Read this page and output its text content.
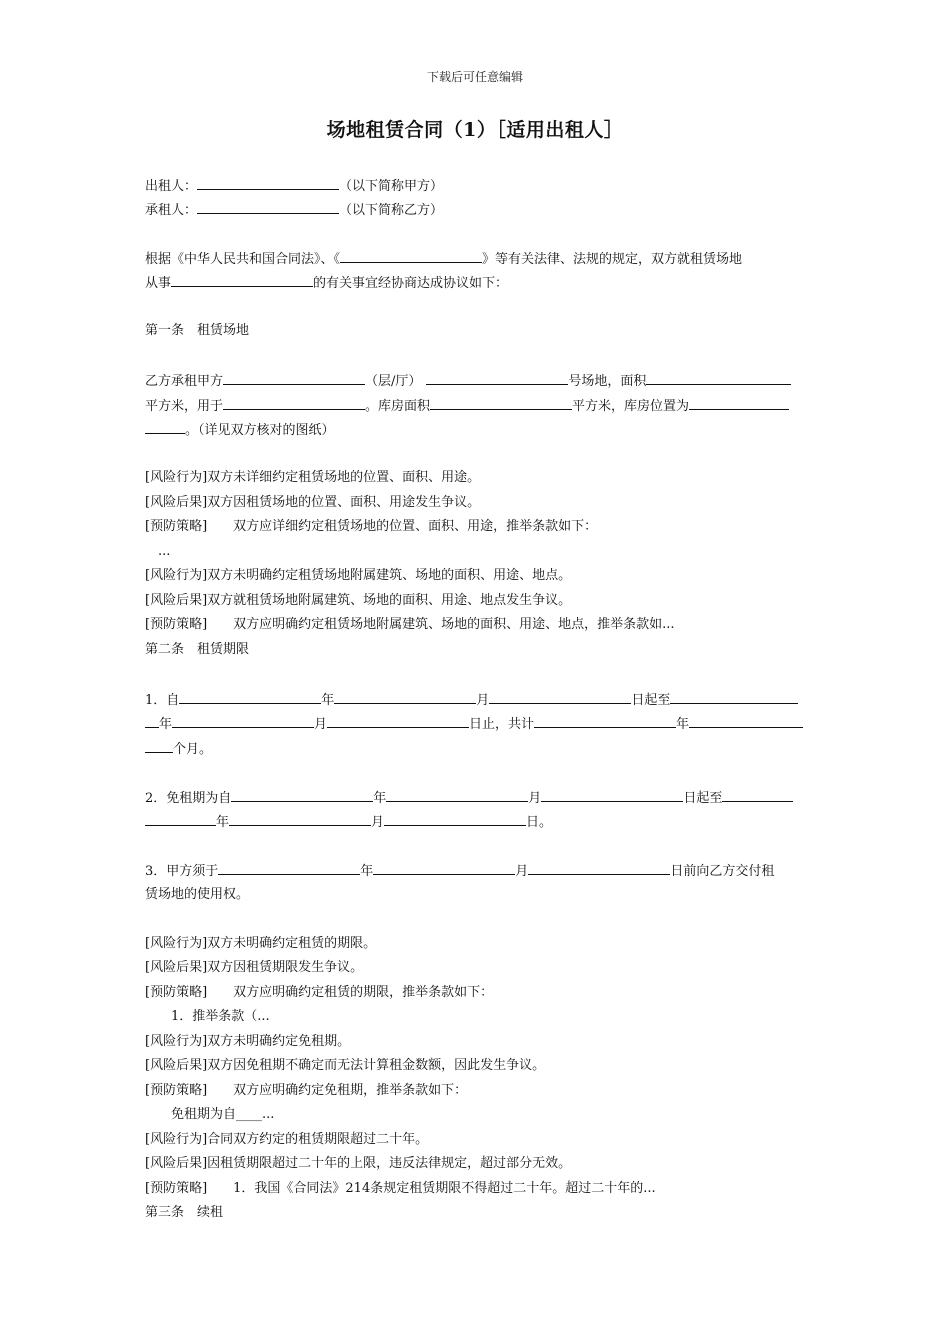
下载后可任意编辑
场地租赁合同（1）［适用出租人］
出租人：	（以下简称甲方）
承租人：	（以下简称乙方）
根据《中华人民共和国合同法》、《	》等有关法律、法规的规定，双方就租赁场地
从事	的有关事宜经协商达成协议如下：
第一条　租赁场地
乙方承租甲方	（层/厅）	号场地，面积
平方米，用于	。库房面积	平方米，库房位置为
。（详见双方核对的图纸）
[风险行为]双方未详细约定租赁场地的位置、面积、用途。
[风险后果]双方因租赁场地的位置、面积、用途发生争议。
[预防策略]　　双方应详细约定租赁场地的位置、面积、用途，推举条款如下：
　...
[风险行为]双方未明确约定租赁场地附属建筑、场地的面积、用途、地点。
[风险后果]双方就租赁场地附属建筑、场地的面积、用途、地点发生争议。
[预防策略]　　双方应明确约定租赁场地附属建筑、场地的面积、用途、地点，推举条款如...
第二条　租赁期限
1．自	年	月	日起至
年	月	日止，共计	年
个月。
2．免租期为自	年	月	日起至
年	月	日。
3．甲方须于	年	月	日前向乙方交付租
赁场地的使用权。
[风险行为]双方未明确约定租赁的期限。
[风险后果]双方因租赁期限发生争议。
[预防策略]　　双方应明确约定租赁的期限，推举条款如下：
　　1．推举条款（...
[风险行为]双方未明确约定免租期。
[风险后果]双方因免租期不确定而无法计算租金数额，因此发生争议。
[预防策略]　　双方应明确约定免租期，推举条款如下：
　　免租期为自____...
[风险行为]合同双方约定的租赁期限超过二十年。
[风险后果]因租赁期限超过二十年的上限，违反法律规定，超过部分无效。
[预防策略]　　1．我国《合同法》214条规定租赁期限不得超过二十年。超过二十年的...
第三条　续租
